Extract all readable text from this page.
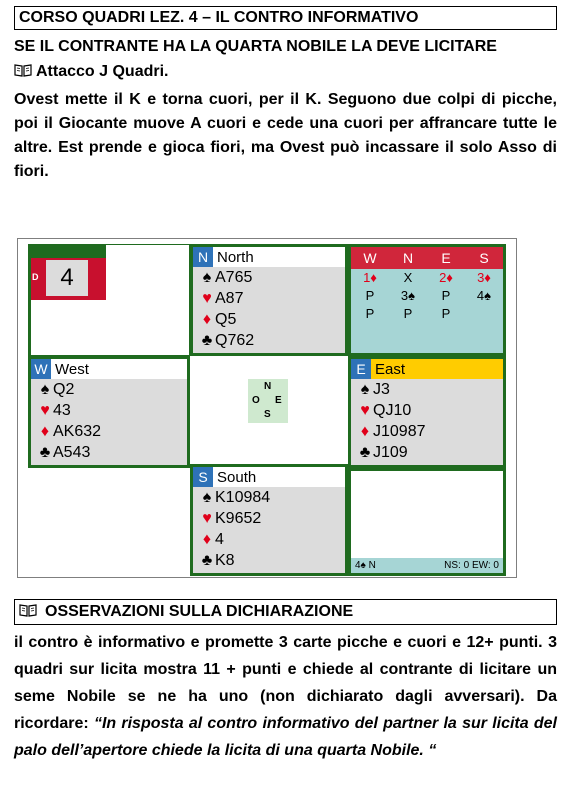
CORSO QUADRI LEZ. 4 – IL CONTRO INFORMATIVO
SE IL CONTRANTE HA LA QUARTA NOBILE LA DEVE LICITARE
Attacco J Quadri.
Ovest mette il K e torna cuori, per il K. Seguono due colpi di picche, poi il Giocante muove A cuori e cede una cuori per affrancare tutte le altre. Est prende e gioca fiori, ma Ovest può incassare il solo Asso di fiori.
4
D
N North
♠ A765
♥ A87
♦ Q5
♣ Q762
W	N	E	S
1♦	X	2♦	3♦
P	3♠	P	4♠
P	P	P
W West
♠ Q2
♥ 43
♦ AK632
♣ A543
N
O E
S
E East
♠ J3
♥ QJ10
♦ J10987
♣ J109
S South
♠ K10984
♥ K9652
♦ 4
♣ K8	4♠ N	NS: 0 EW: 0
OSSERVAZIONI SULLA DICHIARAZIONE
il contro è informativo e promette 3 carte picche e cuori e 12+ punti. 3 quadri sur licita mostra 11 + punti e chiede al contrante di licitare un seme Nobile se ne ha uno (non dichiarato dagli avversari). Da ricordare: “In risposta al contro informativo del partner la sur licita del palo dell’apertore chiede la licita di una quarta Nobile. “
